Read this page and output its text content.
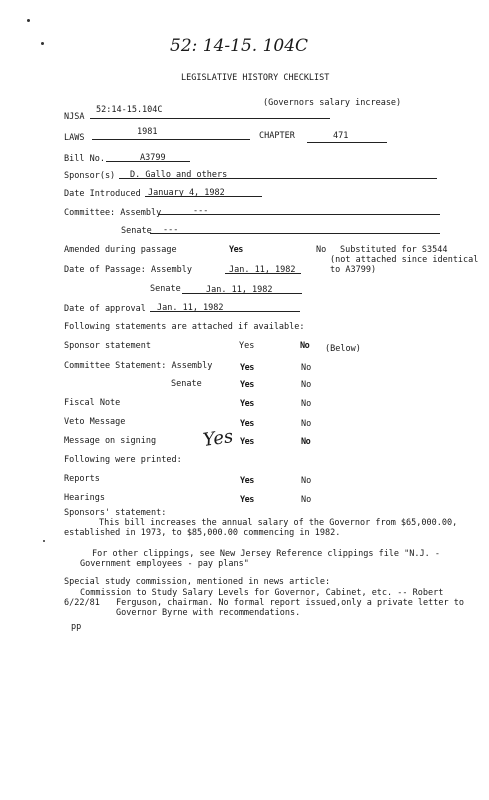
52: 14-15. 104C
LEGISLATIVE HISTORY CHECKLIST
(Governors salary increase)
NJSA
52:14-15.104C
LAWS
1981	CHAPTER	471
Bill No.	A3799
Sponsor(s) D. Gallo and others
Date Introduced January 4, 1982
Committee: Assembly	---
Senate ---
Amended during passage	Yes	No Substituted for S3544
(not attached since identical
to A3799)
Date of Passage: Assembly	Jan. 11, 1982
Senate	Jan. 11, 1982
Date of approval Jan. 11, 1982
Following statements are attached if available:
Sponsor statement	Yes	No (Below)
Committee Statement: Assembly	Yes	No
Senate	Yes	No
Fiscal Note	Yes	No
Veto Message	Yes	No
Message on signing	Yes Yes	No
Following were printed:
Reports	Yes	No
Hearings	Yes	No
Sponsors' statement:
This bill increases the annual salary of the Governor from $65,000.00,
established in 1973, to $85,000.00 commencing in 1982.
For other clippings, see New Jersey Reference clippings file "N.J. -
Government employees - pay plans"
Special study commission, mentioned in news article:
Commission to Study Salary Levels for Governor, Cabinet, etc. -- Robert
6/22/81 Ferguson, chairman. No formal report issued,only a private letter to
Governor Byrne with recommendations.
pp
